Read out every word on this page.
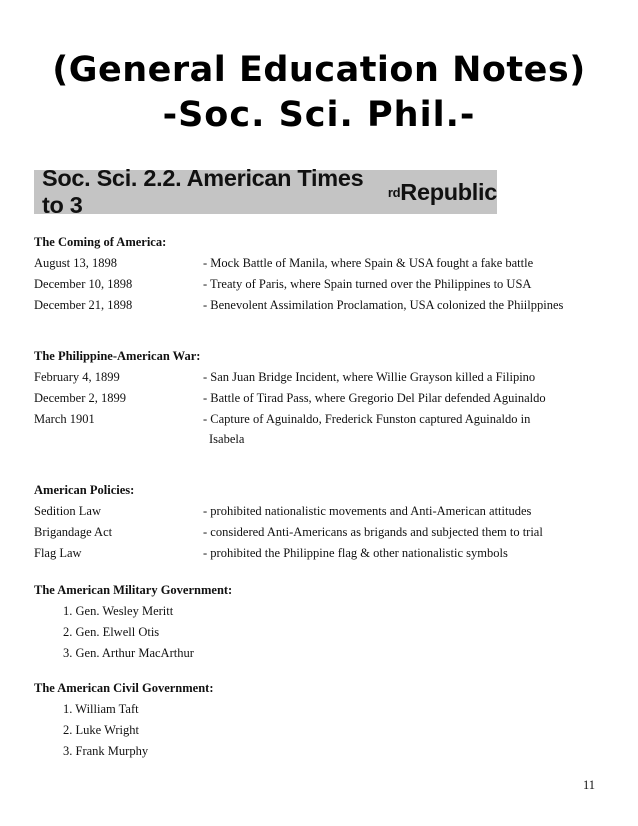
(General Education Notes)
-Soc. Sci. Phil.-
Soc. Sci. 2.2. American Times to 3	rd Republic
The Coming of America:
August 13, 1898	- Mock Battle of Manila, where Spain & USA fought a fake battle
December 10, 1898	- Treaty of Paris, where Spain turned over the Philippines to USA
December 21, 1898	- Benevolent Assimilation Proclamation, USA colonized the Phiilppines
The Philippine-American War:
February 4, 1899	- San Juan Bridge Incident, where Willie Grayson killed a Filipino
December 2, 1899	- Battle of Tirad Pass, where Gregorio Del Pilar defended Aguinaldo
March 1901	- Capture of Aguinaldo, Frederick Funston captured Aguinaldo in
Isabela
American Policies:
Sedition Law	- prohibited nationalistic movements and Anti-American attitudes
Brigandage Act	- considered Anti-Americans as brigands and subjected them to trial
Flag Law	- prohibited the Philippine flag & other nationalistic symbols
The American Military Government:
1. Gen. Wesley Meritt
2. Gen. Elwell Otis
3. Gen. Arthur MacArthur
The American Civil Government:
1. William Taft
2. Luke Wright
3. Frank Murphy
11
